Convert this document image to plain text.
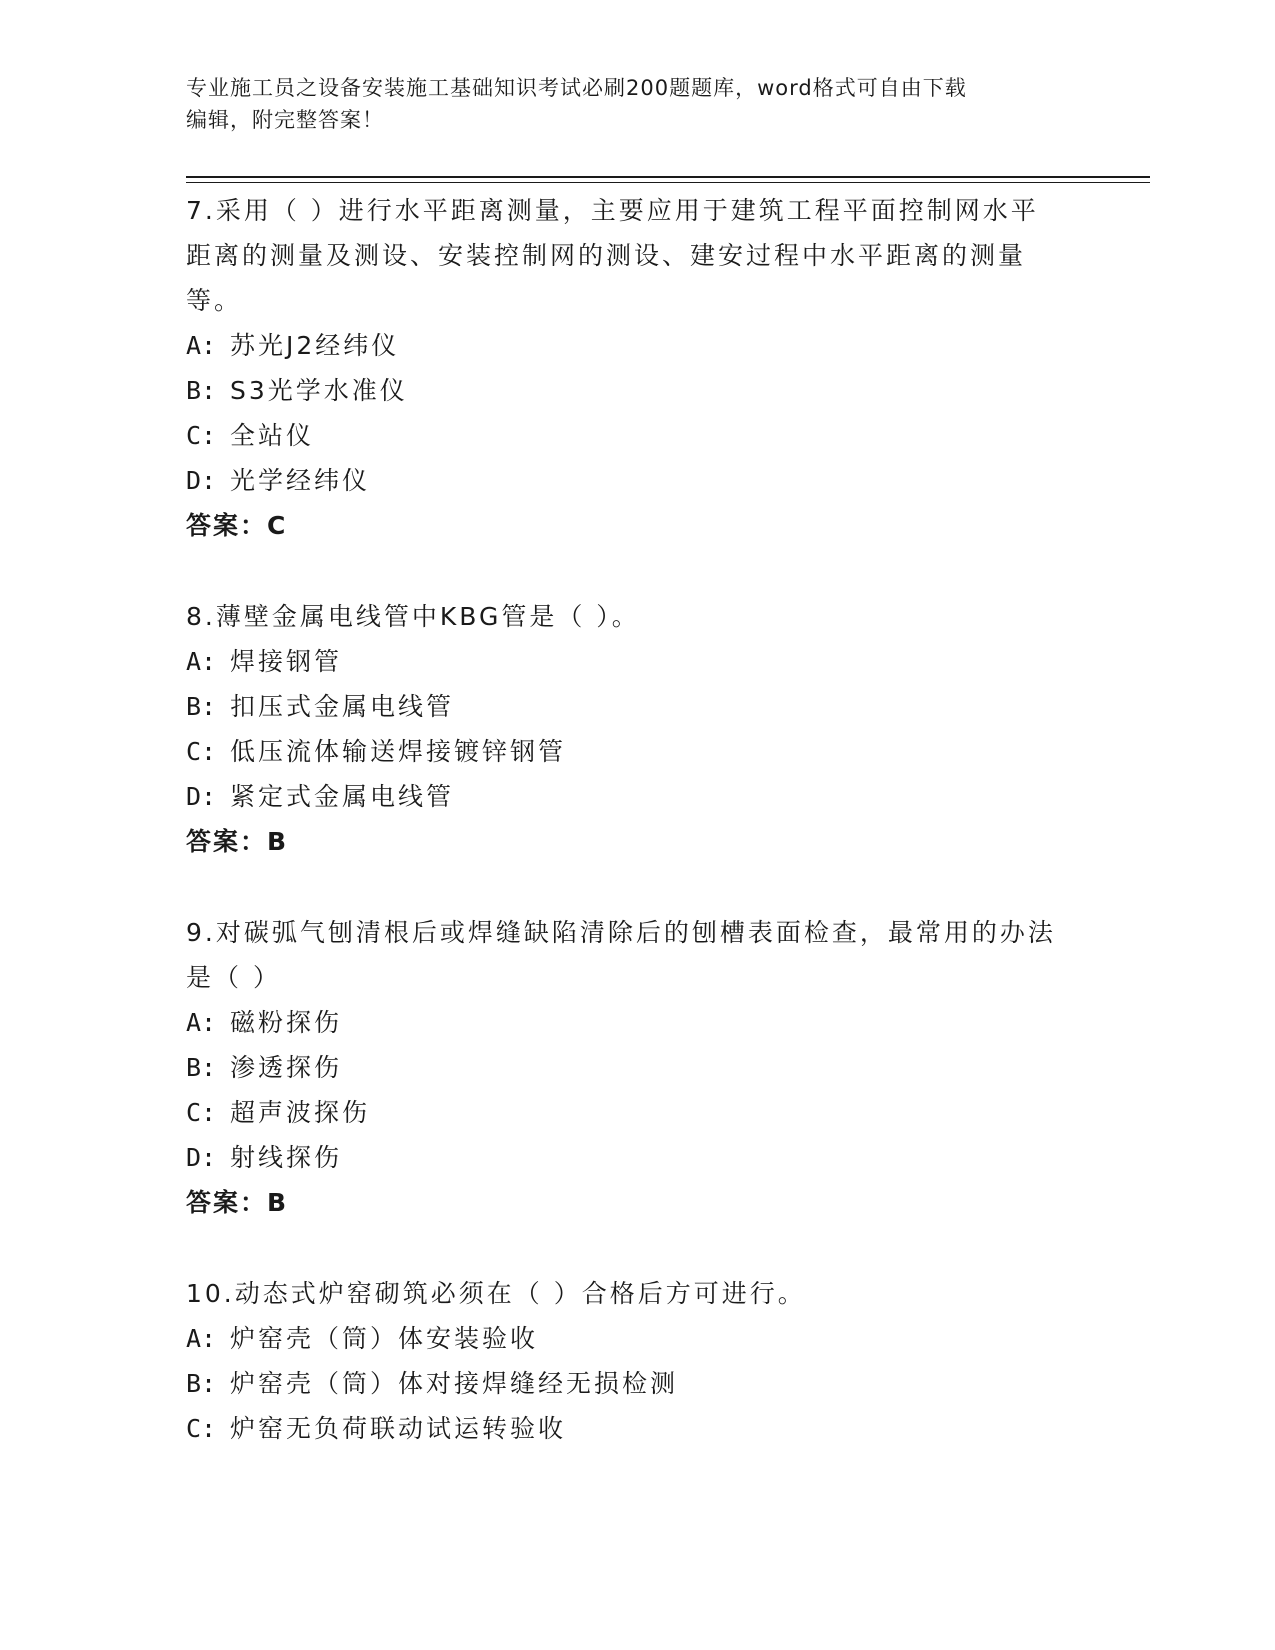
专业施工员之设备安装施工基础知识考试必刷200题题库，word格式可自由下载
编辑，附完整答案！
7.采用（ ）进行水平距离测量，主要应用于建筑工程平面控制网水平距离的测量及测设、安装控制网的测设、建安过程中水平距离的测量等。
A: 苏光J2经纬仪
B: S3光学水准仪
C: 全站仪
D: 光学经纬仪
答案：C
8.薄壁金属电线管中KBG管是（ ）。
A: 焊接钢管
B: 扣压式金属电线管
C: 低压流体输送焊接镀锌钢管
D: 紧定式金属电线管
答案：B
9.对碳弧气刨清根后或焊缝缺陷清除后的刨槽表面检查，最常用的办法是（ ）
A: 磁粉探伤
B: 渗透探伤
C: 超声波探伤
D: 射线探伤
答案：B
10.动态式炉窑砌筑必须在（ ）合格后方可进行。
A: 炉窑壳（筒）体安装验收
B: 炉窑壳（筒）体对接焊缝经无损检测
C: 炉窑无负荷联动试运转验收
